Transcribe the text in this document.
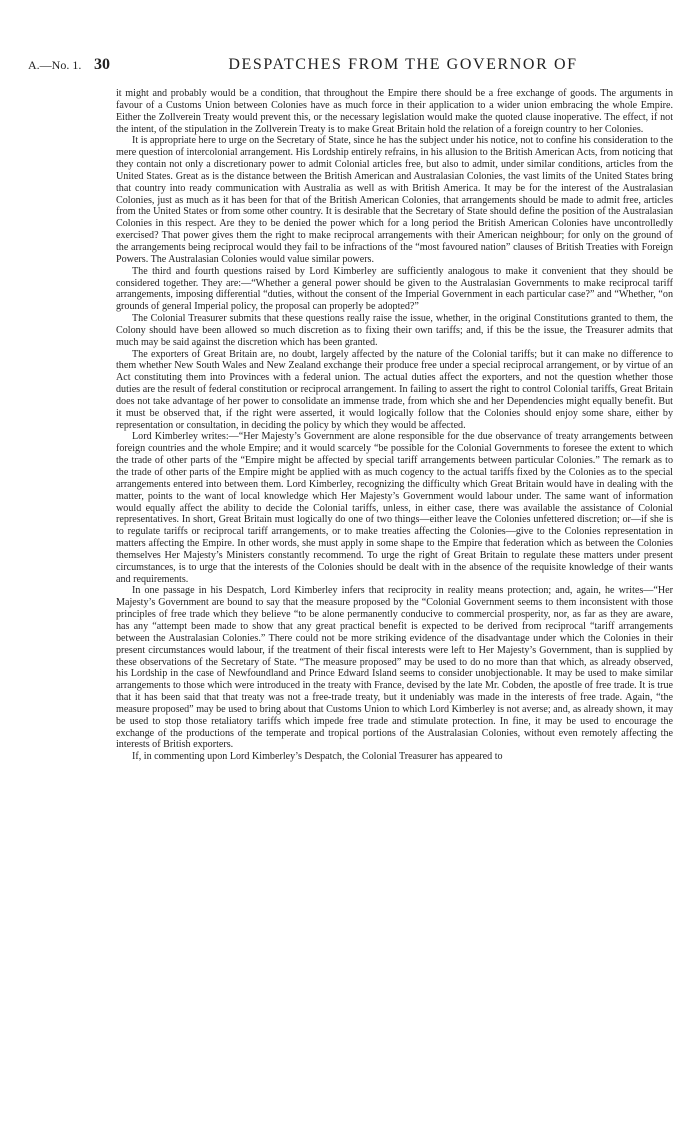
A.—No. 1. 30	DESPATCHES FROM THE GOVERNOR OF

it might and probably would be a condition, that throughout the Empire there should be a free exchange of goods. The arguments in favour of a Customs Union between Colonies have as much force in their application to a wider union embracing the whole Empire. Either the Zollverein Treaty would prevent this, or the necessary legislation would make the quoted clause inoperative. The effect, if not the intent, of the stipulation in the Zollverein Treaty is to make Great Britain hold the relation of a foreign country to her Colonies.

It is appropriate here to urge on the Secretary of State, since he has the subject under his notice, not to confine his consideration to the mere question of intercolonial arrangement. His Lordship entirely refrains, in his allusion to the British American Acts, from noticing that they contain not only a discretionary power to admit Colonial articles free, but also to admit, under similar conditions, articles from the United States. Great as is the distance between the British American and Australasian Colonies, the vast limits of the United States bring that country into ready communication with Australia as well as with British America. It may be for the interest of the Australasian Colonies, just as much as it has been for that of the British American Colonies, that arrangements should be made to admit free, articles from the United States or from some other country. It is desirable that the Secretary of State should define the position of the Australasian Colonies in this respect. Are they to be denied the power which for a long period the British American Colonies have uncontrolledly exercised? That power gives them the right to make reciprocal arrangements with their American neighbour; for only on the ground of the arrangements being reciprocal would they fail to be infractions of the “most favoured nation” clauses of British Treaties with Foreign Powers. The Australasian Colonies would value similar powers.

The third and fourth questions raised by Lord Kimberley are sufficiently analogous to make it convenient that they should be considered together. They are:—“Whether a general power should be given to the Australasian Governments to make reciprocal tariff arrangements, imposing differential “duties, without the consent of the Imperial Government in each particular case?” and “Whether, “on grounds of general Imperial policy, the proposal can properly be adopted?”

The Colonial Treasurer submits that these questions really raise the issue, whether, in the original Constitutions granted to them, the Colony should have been allowed so much discretion as to fixing their own tariffs; and, if this be the issue, the Treasurer admits that much may be said against the discretion which has been granted.

The exporters of Great Britain are, no doubt, largely affected by the nature of the Colonial tariffs; but it can make no difference to them whether New South Wales and New Zealand exchange their produce free under a special reciprocal arrangement, or by virtue of an Act constituting them into Provinces with a federal union. The actual duties affect the exporters, and not the question whether those duties are the result of federal constitution or reciprocal arrangement. In failing to assert the right to control Colonial tariffs, Great Britain does not take advantage of her power to consolidate an immense trade, from which she and her Dependencies might equally benefit. But it must be observed that, if the right were asserted, it would logically follow that the Colonies should enjoy some share, either by representation or consultation, in deciding the policy by which they would be affected.

Lord Kimberley writes:—“Her Majesty’s Government are alone responsible for the due observance of treaty arrangements between foreign countries and the whole Empire; and it would scarcely “be possible for the Colonial Governments to foresee the extent to which the trade of other parts of the “Empire might be affected by special tariff arrangements between particular Colonies.” The remark as to the trade of other parts of the Empire might be applied with as much cogency to the actual tariffs fixed by the Colonies as to the special arrangements entered into between them. Lord Kimberley, recognizing the difficulty which Great Britain would have in dealing with the matter, points to the want of local knowledge which Her Majesty’s Government would labour under. The same want of information would equally affect the ability to decide the Colonial tariffs, unless, in either case, there was available the assistance of Colonial representatives. In short, Great Britain must logically do one of two things—either leave the Colonies unfettered discretion; or—if she is to regulate tariffs or reciprocal tariff arrangements, or to make treaties affecting the Colonies—give to the Colonies representation in matters affecting the Empire. In other words, she must apply in some shape to the Empire that federation which as between the Colonies themselves Her Majesty’s Ministers constantly recommend. To urge the right of Great Britain to regulate these matters under present circumstances, is to urge that the interests of the Colonies should be dealt with in the absence of the requisite knowledge of their wants and requirements.

In one passage in his Despatch, Lord Kimberley infers that reciprocity in reality means protection; and, again, he writes—“Her Majesty’s Government are bound to say that the measure proposed by the “Colonial Government seems to them inconsistent with those principles of free trade which they believe “to be alone permanently conducive to commercial prosperity, nor, as far as they are aware, has any “attempt been made to show that any great practical benefit is expected to be derived from reciprocal “tariff arrangements between the Australasian Colonies.” There could not be more striking evidence of the disadvantage under which the Colonies in their present circumstances would labour, if the treatment of their fiscal interests were left to Her Majesty’s Government, than is supplied by these observations of the Secretary of State. “The measure proposed” may be used to do no more than that which, as already observed, his Lordship in the case of Newfoundland and Prince Edward Island seems to consider unobjectionable. It may be used to make similar arrangements to those which were introduced in the treaty with France, devised by the late Mr. Cobden, the apostle of free trade. It is true that it has been said that that treaty was not a free-trade treaty, but it undeniably was made in the interests of free trade. Again, “the measure proposed” may be used to bring about that Customs Union to which Lord Kimberley is not averse; and, as already shown, it may be used to stop those retaliatory tariffs which impede free trade and stimulate protection. In fine, it may be used to encourage the exchange of the productions of the temperate and tropical portions of the Australasian Colonies, without even remotely affecting the interests of British exporters.

If, in commenting upon Lord Kimberley’s Despatch, the Colonial Treasurer has appeared to
